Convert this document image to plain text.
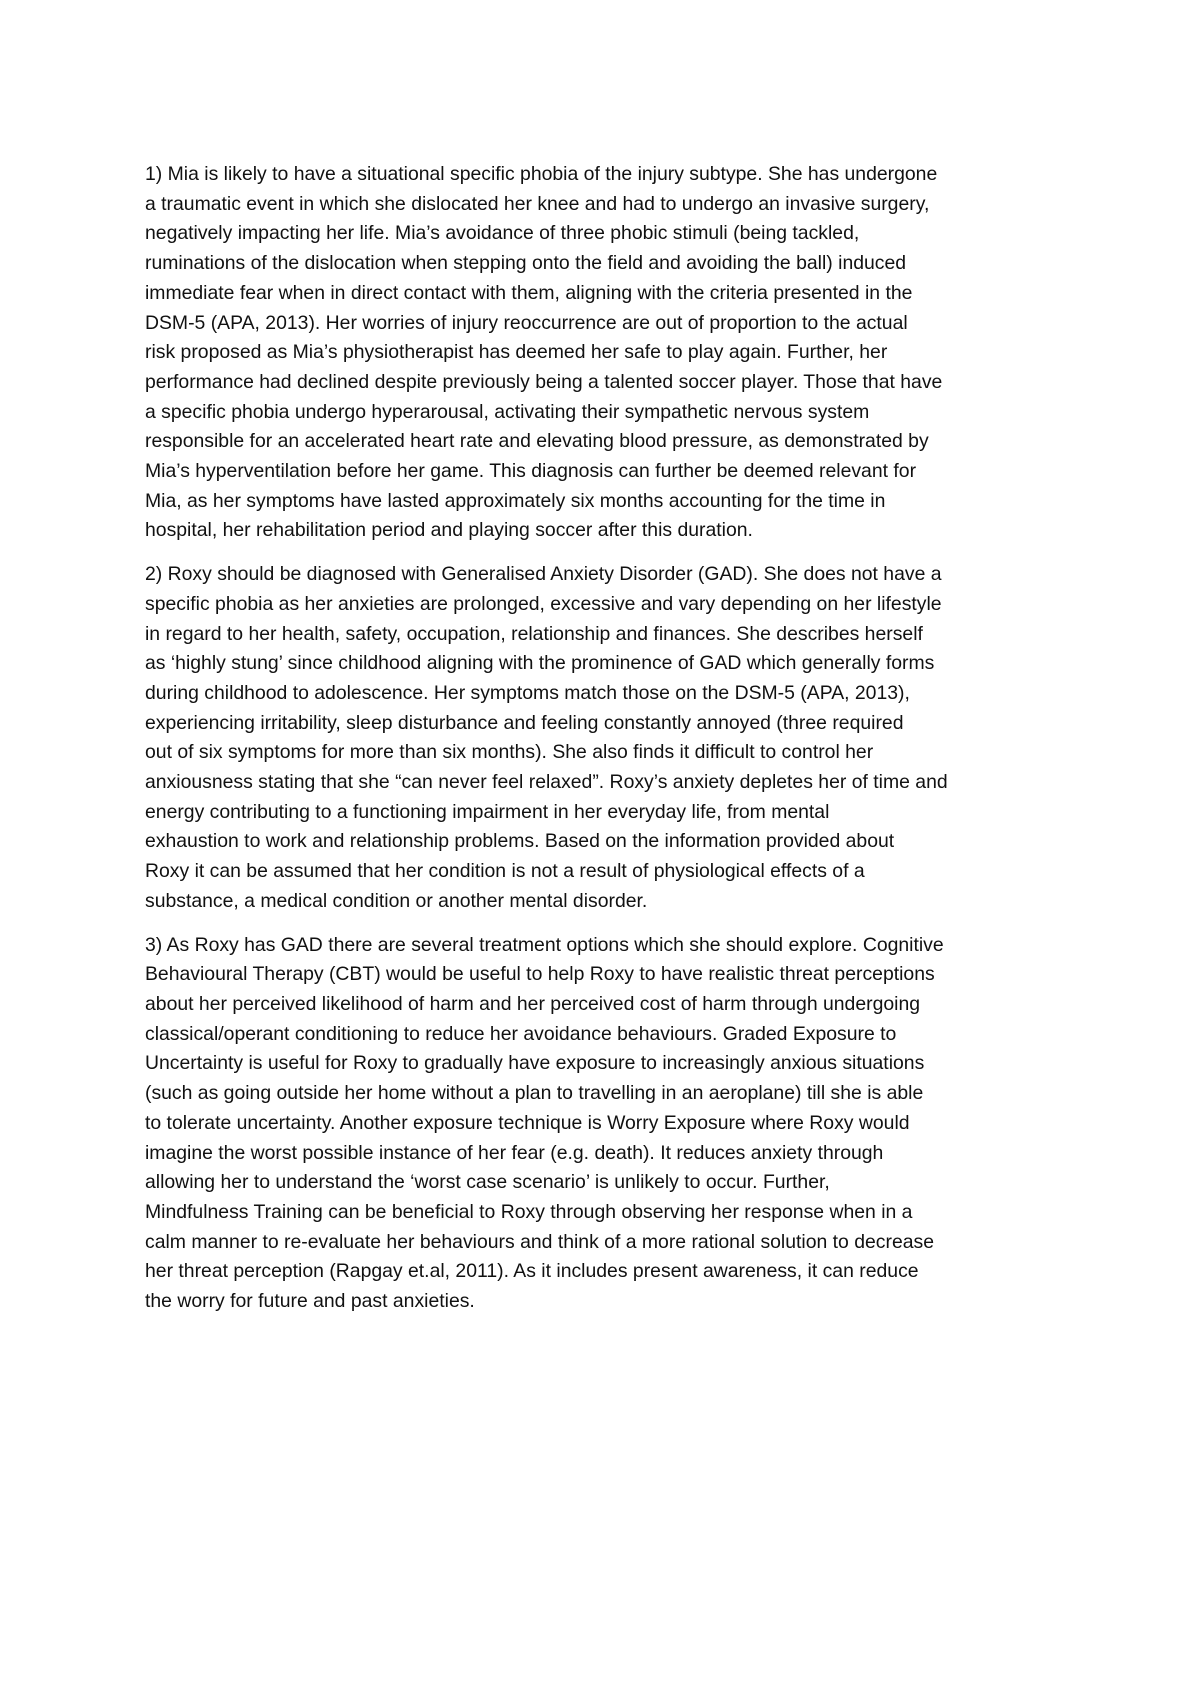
1) Mia is likely to have a situational specific phobia of the injury subtype. She has undergone
a traumatic event in which she dislocated her knee and had to undergo an invasive surgery,
negatively impacting her life. Mia’s avoidance of three phobic stimuli (being tackled,
ruminations of the dislocation when stepping onto the field and avoiding the ball) induced
immediate fear when in direct contact with them, aligning with the criteria presented in the
DSM-5 (APA, 2013). Her worries of injury reoccurrence are out of proportion to the actual
risk proposed as Mia’s physiotherapist has deemed her safe to play again. Further, her
performance had declined despite previously being a talented soccer player. Those that have
a specific phobia undergo hyperarousal, activating their sympathetic nervous system
responsible for an accelerated heart rate and elevating blood pressure, as demonstrated by
Mia’s hyperventilation before her game. This diagnosis can further be deemed relevant for
Mia, as her symptoms have lasted approximately six months accounting for the time in
hospital, her rehabilitation period and playing soccer after this duration.

2) Roxy should be diagnosed with Generalised Anxiety Disorder (GAD). She does not have a
specific phobia as her anxieties are prolonged, excessive and vary depending on her lifestyle
in regard to her health, safety, occupation, relationship and finances. She describes herself
as ‘highly stung’ since childhood aligning with the prominence of GAD which generally forms
during childhood to adolescence. Her symptoms match those on the DSM-5 (APA, 2013),
experiencing irritability, sleep disturbance and feeling constantly annoyed (three required
out of six symptoms for more than six months). She also finds it difficult to control her
anxiousness stating that she “can never feel relaxed”. Roxy’s anxiety depletes her of time and
energy contributing to a functioning impairment in her everyday life, from mental
exhaustion to work and relationship problems. Based on the information provided about
Roxy it can be assumed that her condition is not a result of physiological effects of a
substance, a medical condition or another mental disorder.

3) As Roxy has GAD there are several treatment options which she should explore. Cognitive
Behavioural Therapy (CBT) would be useful to help Roxy to have realistic threat perceptions
about her perceived likelihood of harm and her perceived cost of harm through undergoing
classical/operant conditioning to reduce her avoidance behaviours. Graded Exposure to
Uncertainty is useful for Roxy to gradually have exposure to increasingly anxious situations
(such as going outside her home without a plan to travelling in an aeroplane) till she is able
to tolerate uncertainty. Another exposure technique is Worry Exposure where Roxy would
imagine the worst possible instance of her fear (e.g. death). It reduces anxiety through
allowing her to understand the ‘worst case scenario’ is unlikely to occur. Further,
Mindfulness Training can be beneficial to Roxy through observing her response when in a
calm manner to re-evaluate her behaviours and think of a more rational solution to decrease
her threat perception (Rapgay et.al, 2011). As it includes present awareness, it can reduce
the worry for future and past anxieties.
